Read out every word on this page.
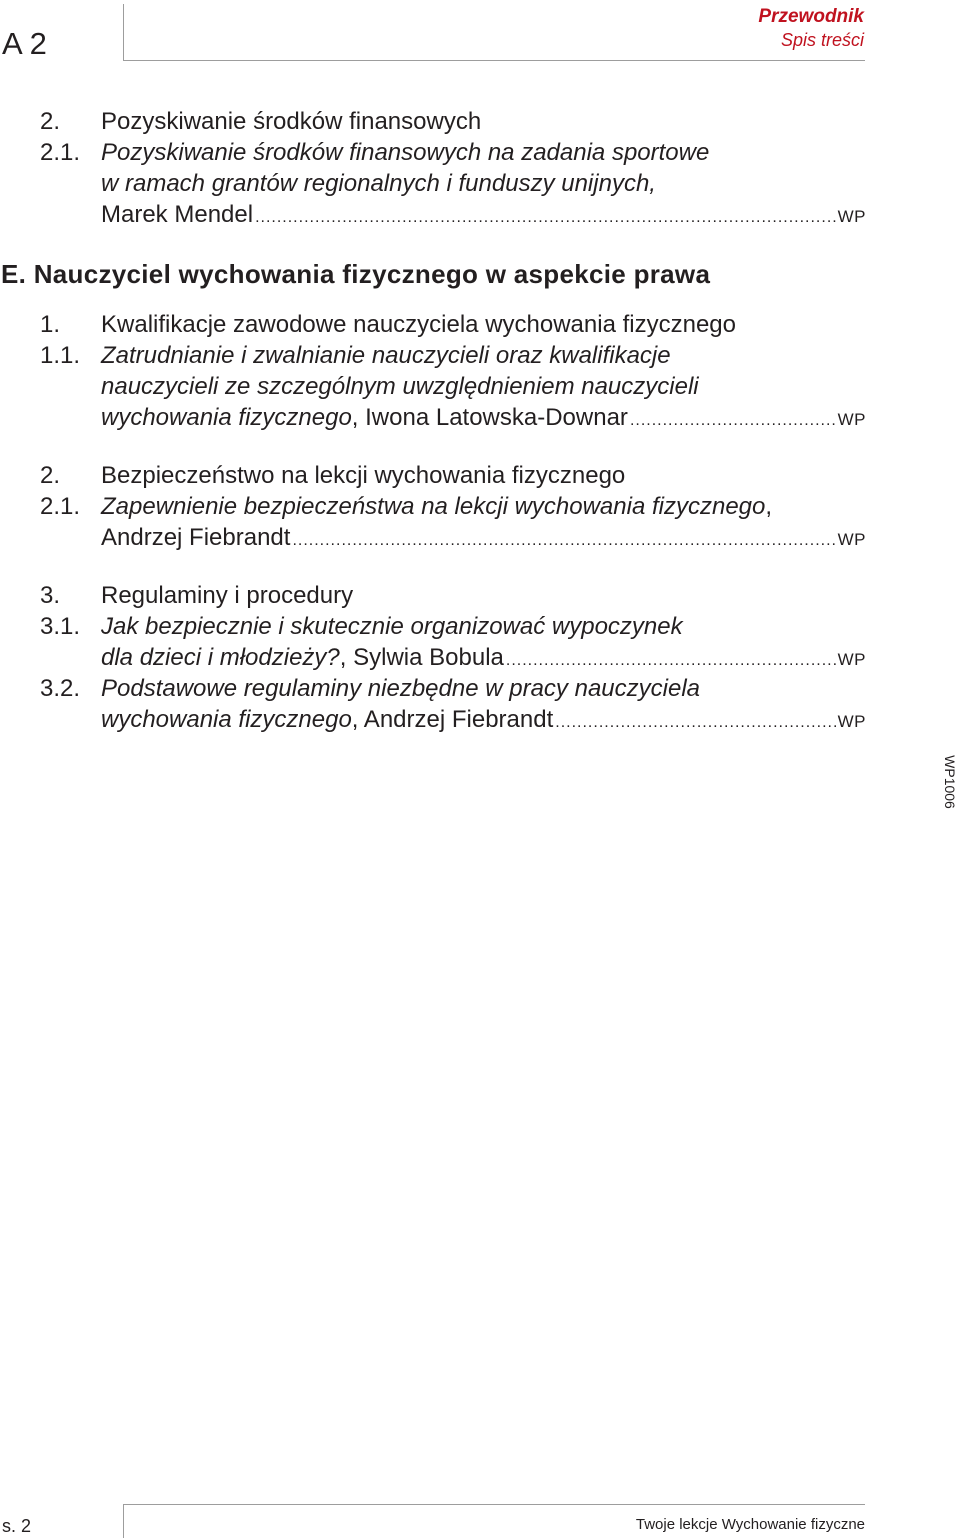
A 2
Przewodnik
Spis treści
2. Pozyskiwanie środków finansowych
2.1. Pozyskiwanie środków finansowych na zadania sportowe
w ramach grantów regionalnych i funduszy unijnych,
Marek Mendel .....	WP
E. Nauczyciel wychowania fizycznego w aspekcie prawa
1. Kwalifikacje zawodowe nauczyciela wychowania fizycznego
1.1. Zatrudnianie i zwalnianie nauczycieli oraz kwalifikacje
nauczycieli ze szczególnym uwzględnieniem nauczycieli
wychowania fizycznego , Iwona Latowska-Downar .....	WP
2. Bezpieczeństwo na lekcji wychowania fizycznego
2.1. Zapewnienie bezpieczeństwa na lekcji wychowania fizycznego,
Andrzej Fiebrandt .....	WP
3. Regulaminy i procedury
3.1. Jak bezpiecznie i skutecznie organizować wypoczynek
dla dzieci i młodzieży? , Sylwia Bobula .....	WP
3.2. Podstawowe regulaminy niezbędne w pracy nauczyciela
wychowania fizycznego , Andrzej Fiebrandt .....	WP
WP1006
s. 2	Twoje lekcje Wychowanie fizyczne
